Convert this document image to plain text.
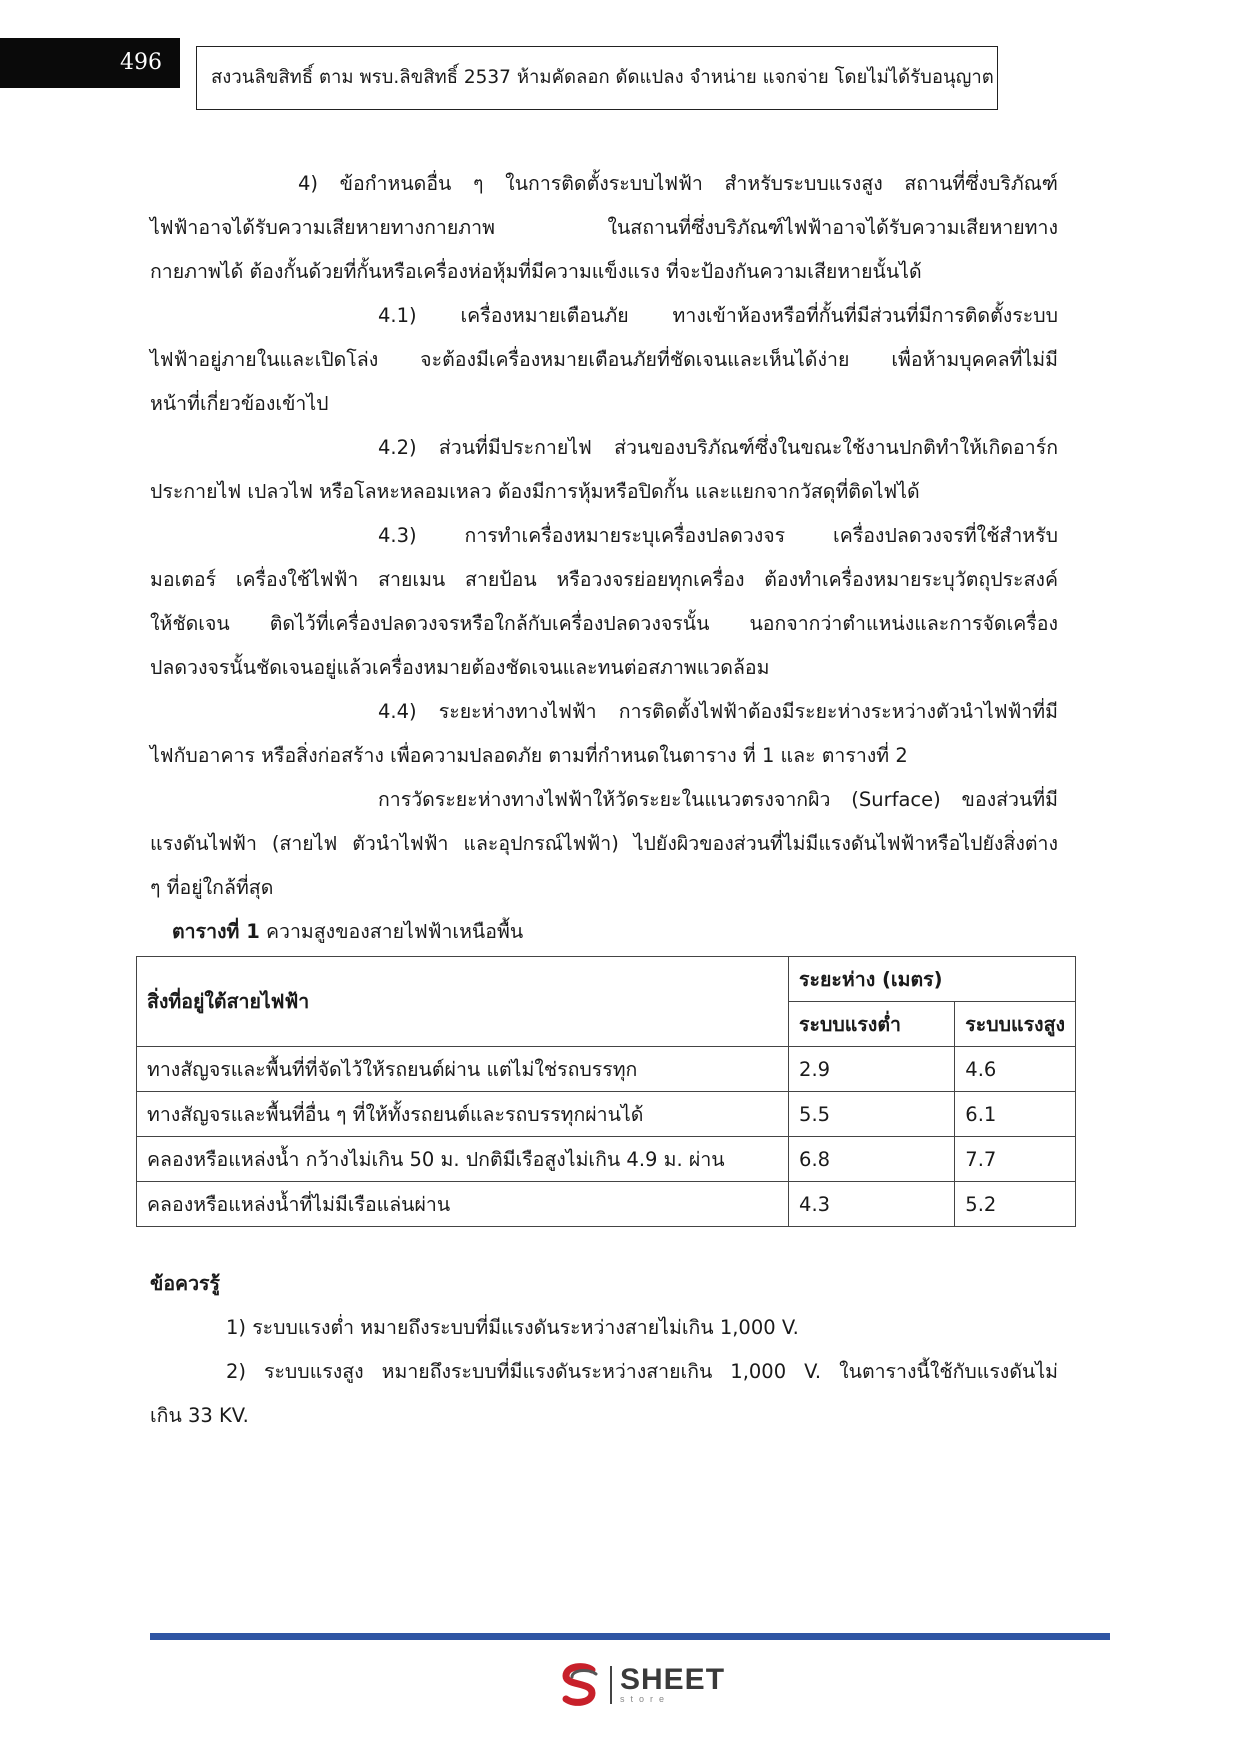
496
สงวนลิขสิทธิ์ ตาม พรบ.ลิขสิทธิ์ 2537 ห้ามคัดลอก ดัดแปลง จำหน่าย แจกจ่าย โดยไม่ได้รับอนุญาต
4) ข้อกำหนดอื่น ๆ ในการติดตั้งระบบไฟฟ้า สำหรับระบบแรงสูง สถานที่ซึ่งบริภัณฑ์
ไฟฟ้าอาจได้รับความเสียหายทางกายภาพ ในสถานที่ซึ่งบริภัณฑ์ไฟฟ้าอาจได้รับความเสียหายทาง
กายภาพได้ ต้องกั้นด้วยที่กั้นหรือเครื่องห่อหุ้มที่มีความแข็งแรง ที่จะป้องกันความเสียหายนั้นได้
4.1) เครื่องหมายเตือนภัย ทางเข้าห้องหรือที่กั้นที่มีส่วนที่มีการติดตั้งระบบ
ไฟฟ้าอยู่ภายในและเปิดโล่ง จะต้องมีเครื่องหมายเตือนภัยที่ชัดเจนและเห็นได้ง่าย เพื่อห้ามบุคคลที่ไม่มี
หน้าที่เกี่ยวข้องเข้าไป
4.2) ส่วนที่มีประกายไฟ ส่วนของบริภัณฑ์ซึ่งในขณะใช้งานปกติทำให้เกิดอาร์ก
ประกายไฟ เปลวไฟ หรือโลหะหลอมเหลว ต้องมีการหุ้มหรือปิดกั้น และแยกจากวัสดุที่ติดไฟได้
4.3) การทำเครื่องหมายระบุเครื่องปลดวงจร เครื่องปลดวงจรที่ใช้สำหรับ
มอเตอร์ เครื่องใช้ไฟฟ้า สายเมน สายป้อน หรือวงจรย่อยทุกเครื่อง ต้องทำเครื่องหมายระบุวัตถุประสงค์
ให้ชัดเจน ติดไว้ที่เครื่องปลดวงจรหรือใกล้กับเครื่องปลดวงจรนั้น นอกจากว่าตำแหน่งและการจัดเครื่อง
ปลดวงจรนั้นชัดเจนอยู่แล้วเครื่องหมายต้องชัดเจนและทนต่อสภาพแวดล้อม
4.4) ระยะห่างทางไฟฟ้า การติดตั้งไฟฟ้าต้องมีระยะห่างระหว่างตัวนำไฟฟ้าที่มี
ไฟกับอาคาร หรือสิ่งก่อสร้าง เพื่อความปลอดภัย ตามที่กำหนดในตาราง ที่ 1 และ ตารางที่ 2
การวัดระยะห่างทางไฟฟ้าให้วัดระยะในแนวตรงจากผิว (Surface) ของส่วนที่มี
แรงดันไฟฟ้า (สายไฟ ตัวนำไฟฟ้า และอุปกรณ์ไฟฟ้า) ไปยังผิวของส่วนที่ไม่มีแรงดันไฟฟ้าหรือไปยังสิ่งต่าง
ๆ ที่อยู่ใกล้ที่สุด
ตารางที่ 1 ความสูงของสายไฟฟ้าเหนือพื้น
สิ่งที่อยู่ใต้สายไฟฟ้า	ระยะห่าง (เมตร)	
	ระบบแรงต่ำ	ระบบแรงสูง
ทางสัญจรและพื้นที่ที่จัดไว้ให้รถยนต์ผ่าน แต่ไม่ใช่รถบรรทุก	2.9	4.6
ทางสัญจรและพื้นที่อื่น ๆ ที่ให้ทั้งรถยนต์และรถบรรทุกผ่านได้	5.5	6.1
คลองหรือแหล่งน้ำ กว้างไม่เกิน 50 ม. ปกติมีเรือสูงไม่เกิน 4.9 ม. ผ่าน	6.8	7.7
คลองหรือแหล่งน้ำที่ไม่มีเรือแล่นผ่าน	4.3	5.2
ข้อควรรู้
1) ระบบแรงต่ำ หมายถึงระบบที่มีแรงดันระหว่างสายไม่เกิน 1,000 V.
2) ระบบแรงสูง หมายถึงระบบที่มีแรงดันระหว่างสายเกิน 1,000 V. ในตารางนี้ใช้กับแรงดันไม่
เกิน 33 KV.
SHEET
store
